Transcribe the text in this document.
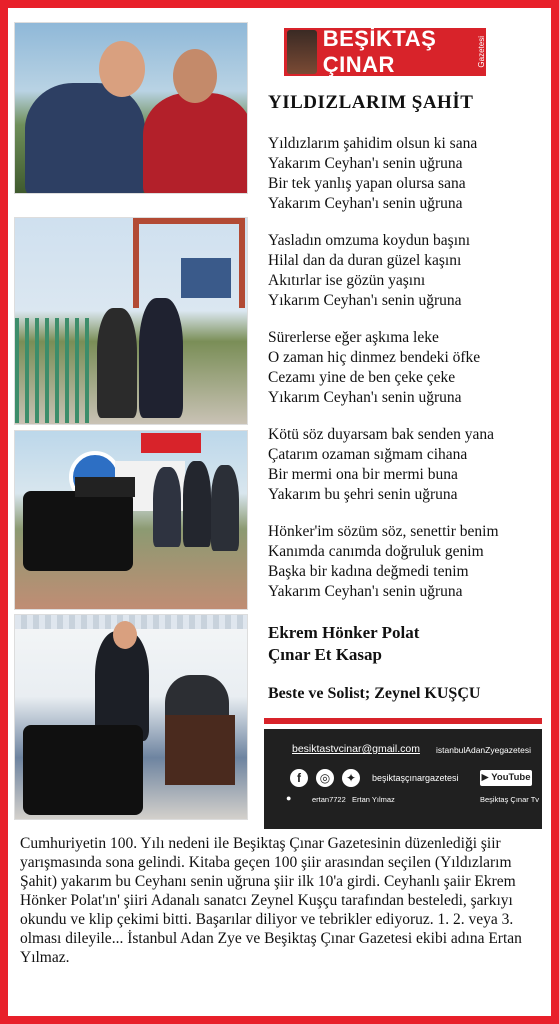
BEŞİKTAŞ ÇINAR	Gazetesi
YILDIZLARIM ŞAHİT
Yıldızlarım şahidim olsun ki sana
Yakarım Ceyhan'ı senin uğruna
Bir tek yanlış yapan olursa sana
Yakarım Ceyhan'ı senin uğruna
Yasladın omzuma koydun başını
Hilal dan da duran güzel kaşını
Akıtırlar ise gözün yaşını
Yıkarım Ceyhan'ı senin uğruna
Sürerlerse eğer aşkıma leke
O zaman hiç dinmez bendeki öfke
Cezamı yine de ben çeke çeke
Yıkarım Ceyhan'ı senin uğruna
Kötü söz duyarsam bak senden yana
Çatarım ozaman sığmam cihana
Bir mermi ona bir mermi buna
Yakarım bu şehri senin uğruna
Hönker'im sözüm söz, senettir benim
Kanımda canımda doğruluk genim
Başka bir kadına değmedi tenim
Yakarım Ceyhan'ı senin uğruna
Ekrem Hönker Polat
Çınar Et Kasap
Beste ve Solist; Zeynel KUŞÇU
besiktastvcinar@gmail.com istanbulAdanZyegazetesi
f	◎	✦	beşiktaşçınargazetesi ▶ YouTube
●	ertan7722 Ertan Yılmaz	Beşiktaş Çınar Tv

Cumhuriyetin 100. Yılı nedeni ile Beşiktaş Çınar Gazetesinin düzenlediği şiir yarışmasında sona gelindi. Kitaba geçen 100 şiir arasından seçilen (Yıldızlarım Şahit) yakarım bu Ceyhanı senin uğruna şiir ilk 10'a girdi. Ceyhanlı şaiir Ekrem Hönker Polat'ın' şiiri Adanalı sanatcı Zeynel Kuşçu tarafından besteledi, şarkıyı okundu ve klip çekimi bitti. Başarılar diliyor ve tebrikler ediyoruz. 1. 2. veya 3. olması dileyile... İstanbul Adan Zye ve Beşiktaş Çınar Gazetesi ekibi adına Ertan Yılmaz.
